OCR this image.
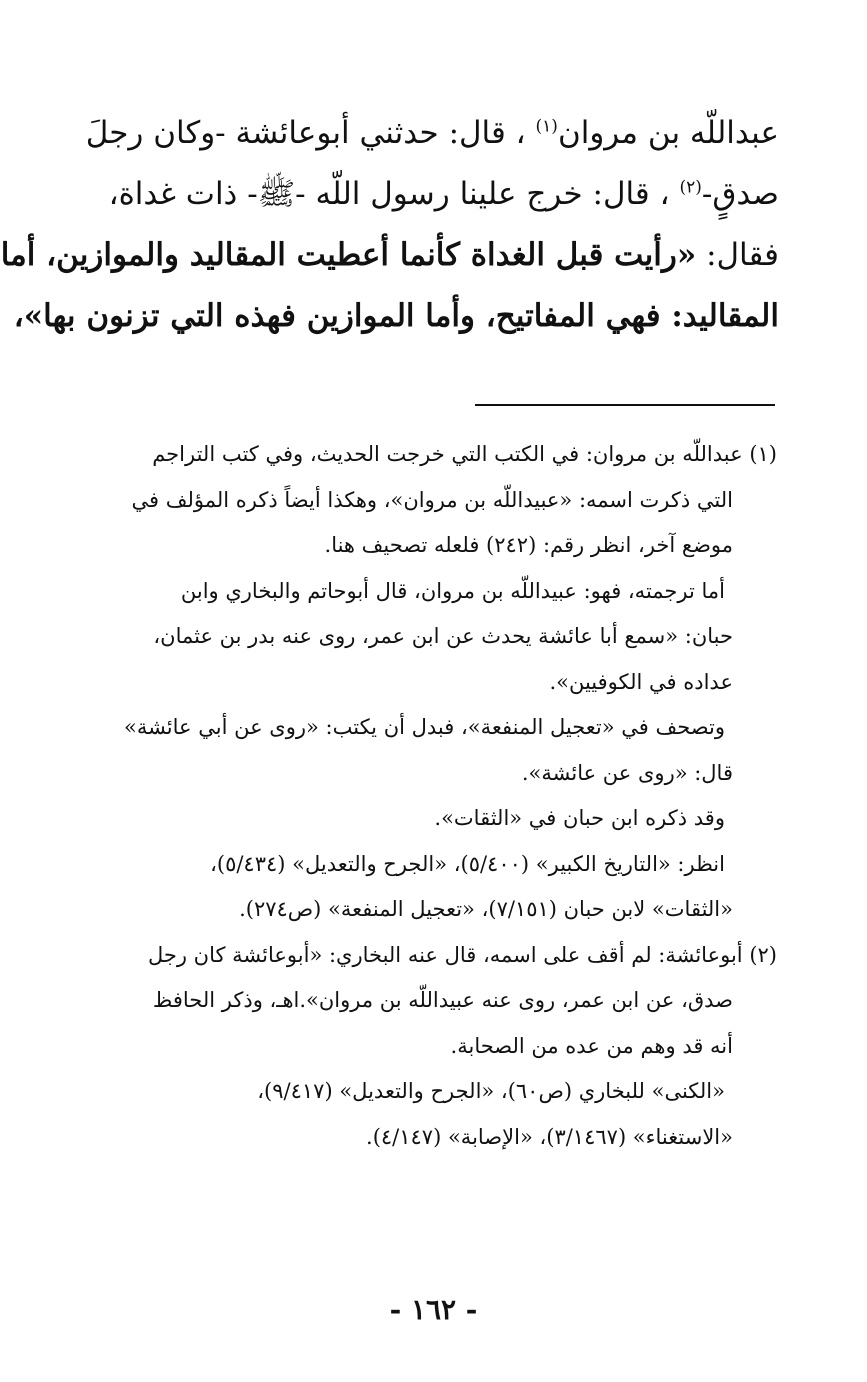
عبداللّه بن مروان$^{(١)}$ ، قال: حدثني أبوعائشة -وكان رجلَ
صدقٍ-$^{(٢)}$ ، قال: خرج علينا رسول اللّه -ﷺ- ذات غداة،
فقال: «رأيت قبل الغداة كأنما أعطيت المقاليد والموازين، أما
المقاليد: فهي المفاتيح، وأما الموازين فهذه التي تزنون بها»،
(١) عبداللّه بن مروان: في الكتب التي خرجت الحديث، وفي كتب التراجم
التي ذكرت اسمه: «عبيداللّه بن مروان»، وهكذا أيضاً ذكره المؤلف في
موضع آخر، انظر رقم: (٢٤٢) فلعله تصحيف هنا.
أما ترجمته، فهو: عبيداللّه بن مروان، قال أبوحاتم والبخاري وابن
حبان: «سمع أبا عائشة يحدث عن ابن عمر، روى عنه بدر بن عثمان،
عداده في الكوفيين».
وتصحف في «تعجيل المنفعة»، فبدل أن يكتب: «روى عن أبي عائشة»
قال: «روى عن عائشة».
وقد ذكره ابن حبان في «الثقات».
انظر: «التاريخ الكبير» (٥/٤٠٠)، «الجرح والتعديل» (٥/٤٣٤)،
«الثقات» لابن حبان (٧/١٥١)، «تعجيل المنفعة» (ص٢٧٤).
(٢) أبوعائشة: لم أقف على اسمه، قال عنه البخاري: «أبوعائشة كان رجل
صدق، عن ابن عمر، روى عنه عبيداللّه بن مروان».اهـ، وذكر الحافظ
أنه قد وهم من عده من الصحابة.
«الكنى» للبخاري (ص٦٠)، «الجرح والتعديل» (٩/٤١٧)،
«الاستغناء» (٣/١٤٦٧)، «الإصابة» (٤/١٤٧).
- ١٦٢ -
